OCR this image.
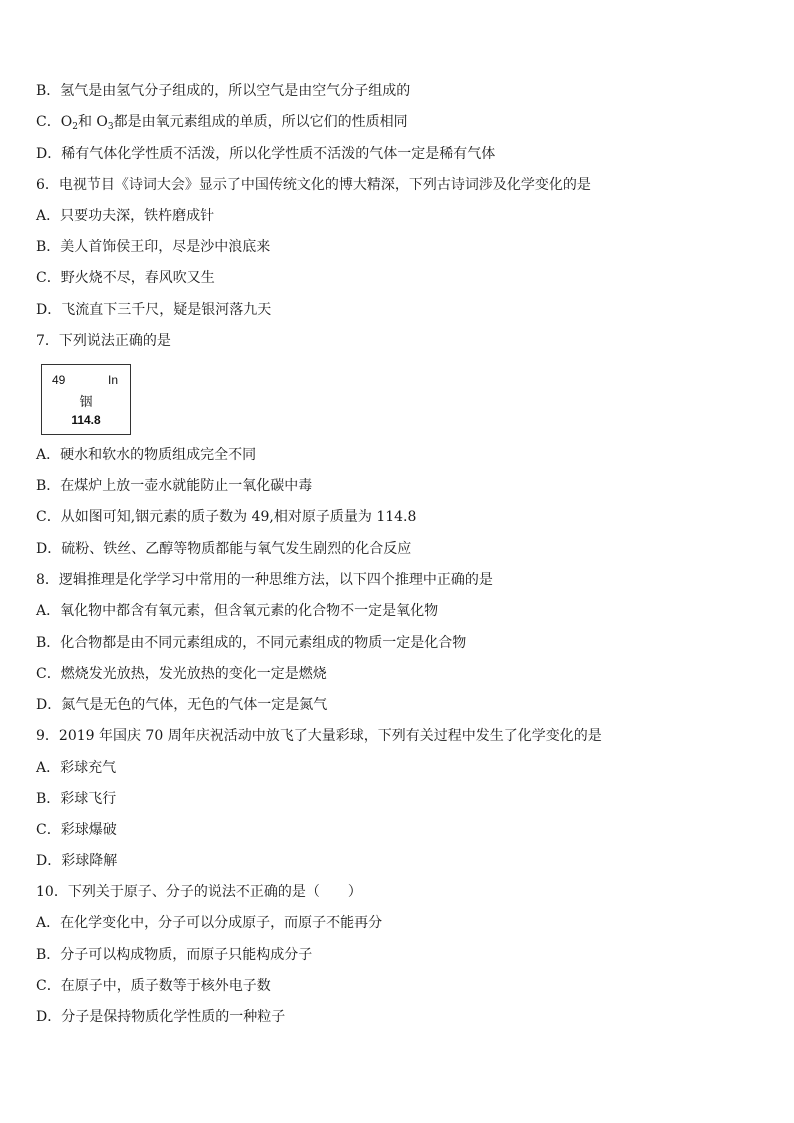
B．氢气是由氢气分子组成的，所以空气是由空气分子组成的
C．$O_2$和 $O_3$都是由氧元素组成的单质，所以它们的性质相同
D．稀有气体化学性质不活泼，所以化学性质不活泼的气体一定是稀有气体
6．电视节目《诗词大会》显示了中国传统文化的博大精深，下列古诗词涉及化学变化的是
A．只要功夫深，铁杵磨成针
B．美人首饰侯王印，尽是沙中浪底来
C．野火烧不尽，春风吹又生
D．飞流直下三千尺，疑是银河落九天
7．下列说法正确的是
49	In
铟
114.8
A．硬水和软水的物质组成完全不同
B．在煤炉上放一壶水就能防止一氧化碳中毒
C．从如图可知,铟元素的质子数为 49,相对原子质量为 114.8
D．硫粉、铁丝、乙醇等物质都能与氧气发生剧烈的化合反应
8．逻辑推理是化学学习中常用的一种思维方法，以下四个推理中正确的是
A．氧化物中都含有氧元素，但含氧元素的化合物不一定是氧化物
B．化合物都是由不同元素组成的，不同元素组成的物质一定是化合物
C．燃烧发光放热，发光放热的变化一定是燃烧
D．氮气是无色的气体，无色的气体一定是氮气
9．2019 年国庆 70 周年庆祝活动中放飞了大量彩球，下列有关过程中发生了化学变化的是
A．彩球充气
B．彩球飞行
C．彩球爆破
D．彩球降解
10．下列关于原子、分子的说法不正确的是（　　）
A．在化学变化中，分子可以分成原子，而原子不能再分
B．分子可以构成物质，而原子只能构成分子
C．在原子中，质子数等于核外电子数
D．分子是保持物质化学性质的一种粒子
